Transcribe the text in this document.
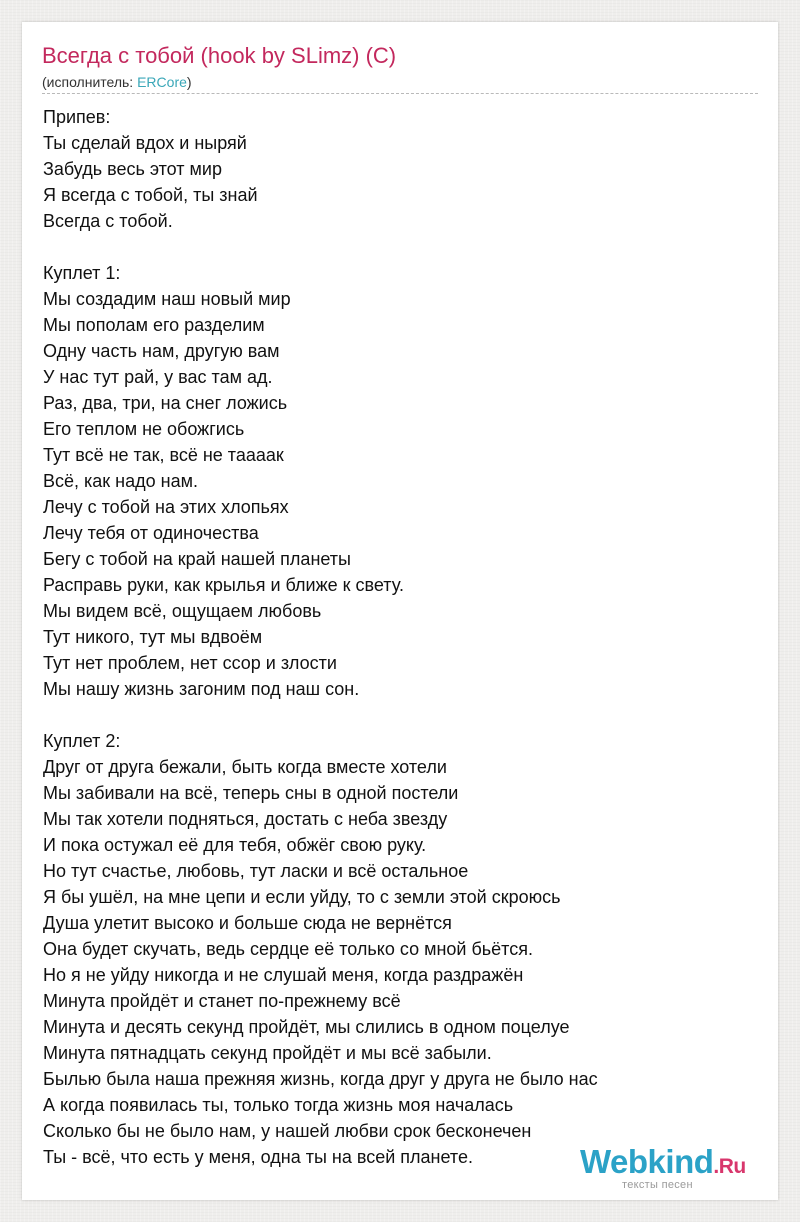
Всегда с тобой (hook by SLimz) (C)
(исполнитель: ERCore)
Припев:
Ты сделай вдох и ныряй
Забудь весь этот мир
Я всегда с тобой, ты знай
Всегда с тобой.
Куплет 1:
Мы создадим наш новый мир
Мы пополам его разделим
Одну часть нам, другую вам
У нас тут рай, у вас там ад.
Раз, два, три, на снег ложись
Его теплом не обожгись
Тут всё не так, всё не тааaак
Всё, как надо нам.
Лечу с тобой на этих хлопьях
Лечу тебя от одиночества
Бегу с тобой на край нашей планеты
Расправь руки, как крылья и ближе к свету.
Мы видем всё, ощущаем любовь
Тут никого, тут мы вдвоём
Тут нет проблем, нет ссор и злости
Мы нашу жизнь загоним под наш сон.
Куплет 2:
Друг от друга бежали, быть когда вместе хотели
Мы забивали на всё, теперь сны в одной постели
Мы так хотели подняться, достать с неба звезду
И пока остужал её для тебя, обжёг свою руку.
Но тут счастье, любовь, тут ласки и всё остальное
Я бы ушёл, на мне цепи и если уйду, то с земли этой скроюсь
Душа улетит высоко и больше сюда не вернётся
Она будет скучать, ведь сердце её только со мной бьётся.
Но я не уйду никогда и не слушай меня, когда раздражён
Минута пройдёт и станет по-прежнему всё
Минута и десять секунд пройдёт, мы слились в одном поцелуе
Минута пятнадцать секунд пройдёт и мы всё забыли.
Былью была наша прежняя жизнь, когда друг у друга не было нас
А когда появилась ты, только тогда жизнь моя началась
Сколько бы не было нам, у нашей любви срок бесконечен
Ты - всё, что есть у меня, одна ты на всей планете.	Webkind.Ru
тексты песен
